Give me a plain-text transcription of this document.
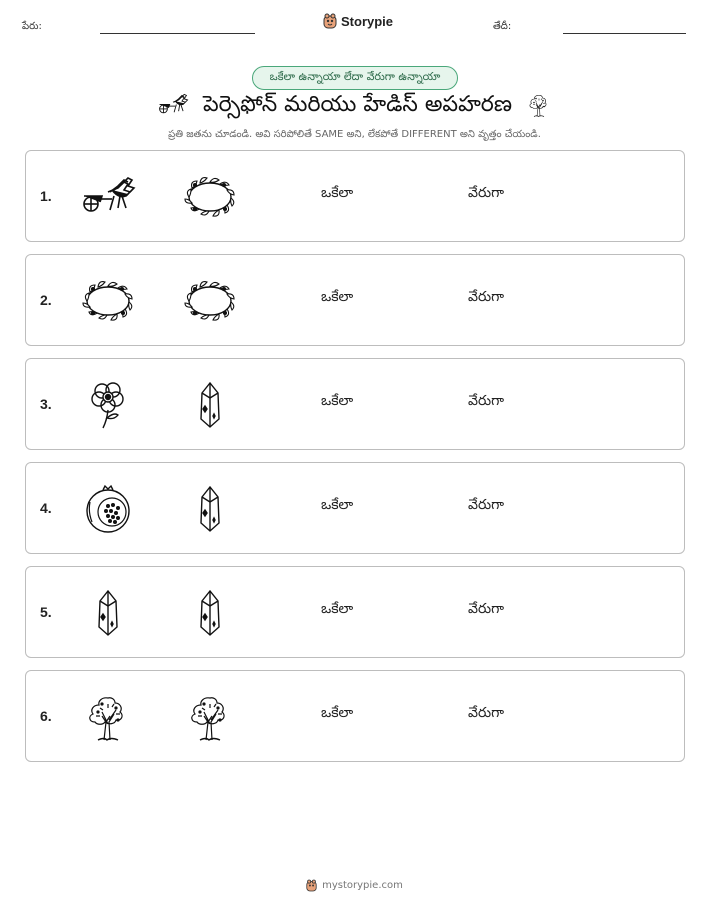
పేరు:	Storypie	తేదీ:
ఒకేలా ఉన్నాయా లేదా వేరుగా ఉన్నాయా
పెర్సెఫోన్ మరియు హేడిస్ అపహరణ
ప్రతి జతను చూడండి. అవి సరిపోలితే SAME అని, లేకపోతే DIFFERENT అని వృత్తం చేయండి.
1.	ఒకేలా	వేరుగా
2.	ఒకేలా	వేరుగా
3.	ఒకేలా	వేరుగా
4.	ఒకేలా	వేరుగా
5.	ఒకేలా	వేరుగా
6.	ఒకేలా	వేరుగా
mystorypie.com
